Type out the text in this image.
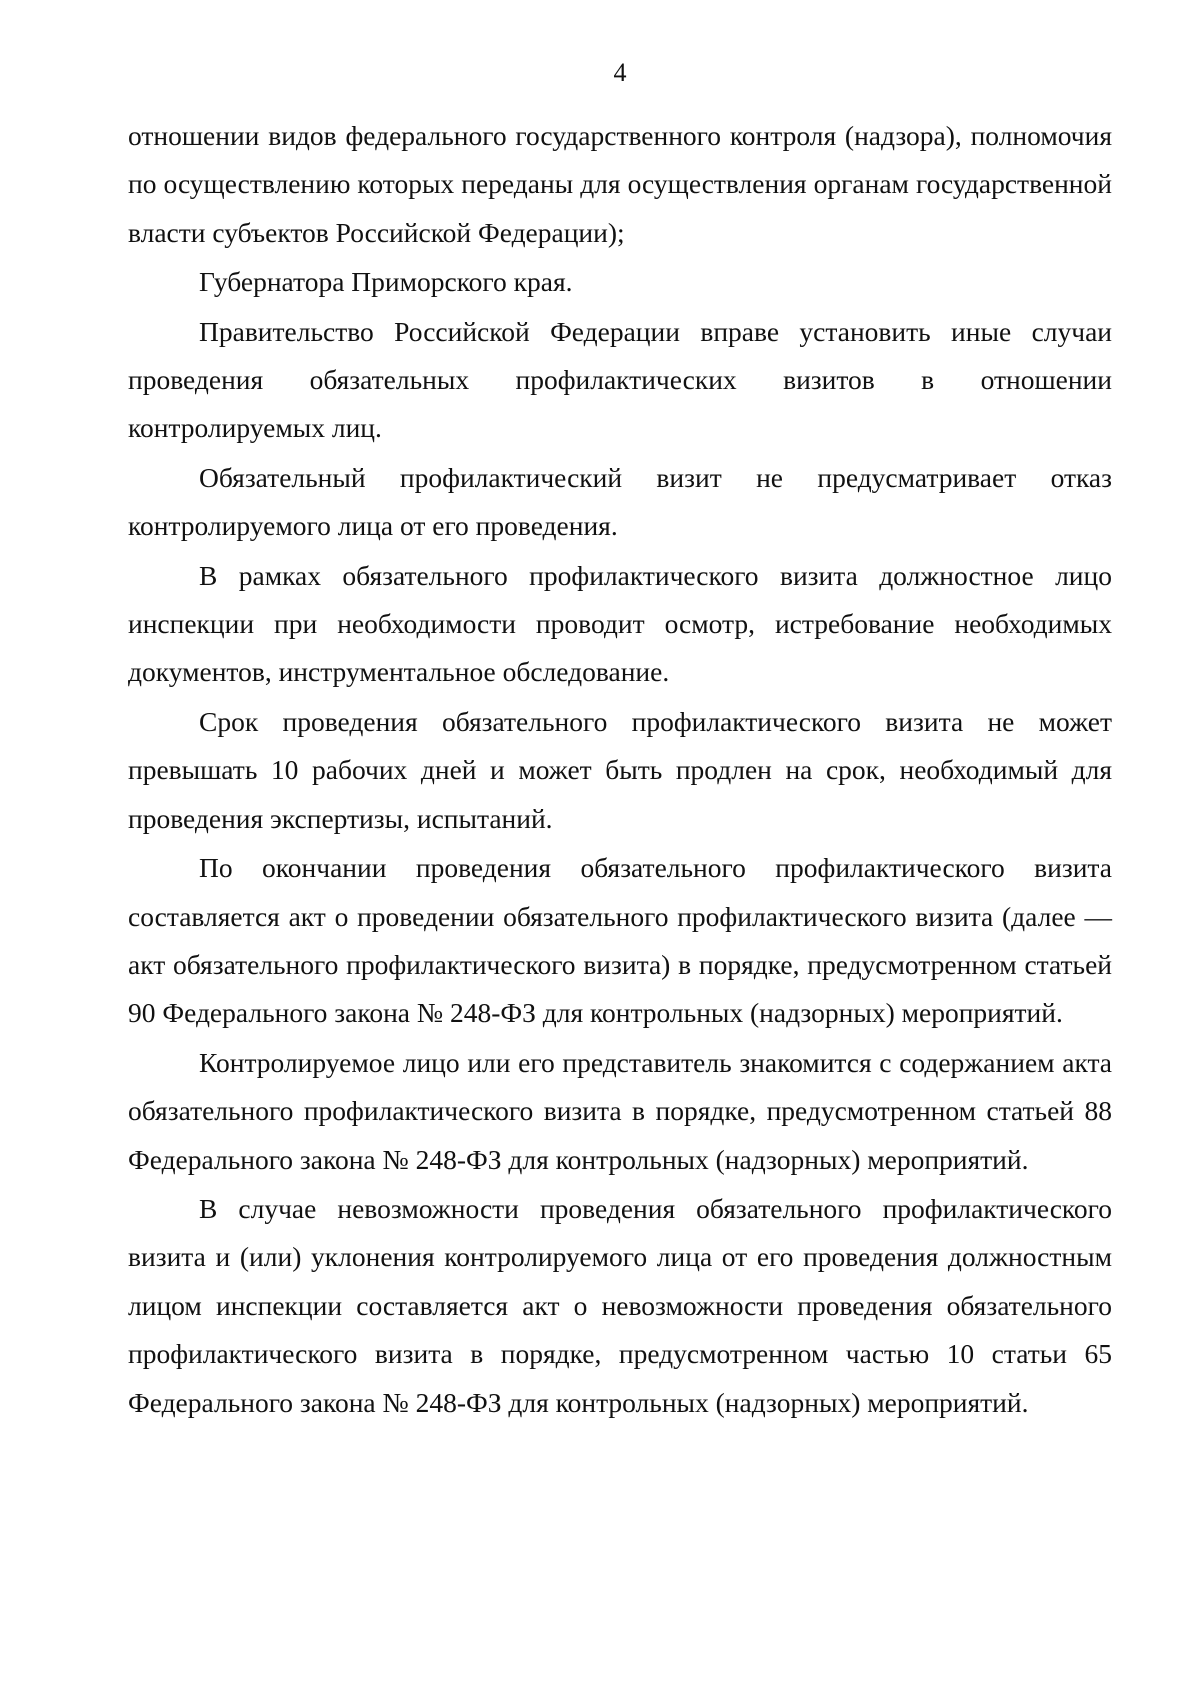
4

отношении видов федерального государственного контроля (надзора), полномочия по осуществлению которых переданы для осуществления органам государственной власти субъектов Российской Федерации);

Губернатора Приморского края.

Правительство Российской Федерации вправе установить иные случаи проведения обязательных профилактических визитов в отношении контролируемых лиц.

Обязательный профилактический визит не предусматривает отказ контролируемого лица от его проведения.

В рамках обязательного профилактического визита должностное лицо инспекции при необходимости проводит осмотр, истребование необходимых документов, инструментальное обследование.

Срок проведения обязательного профилактического визита не может превышать 10 рабочих дней и может быть продлен на срок, необходимый для проведения экспертизы, испытаний.

По окончании проведения обязательного профилактического визита составляется акт о проведении обязательного профилактического визита (далее — акт обязательного профилактического визита) в порядке, предусмотренном статьей 90 Федерального закона № 248-ФЗ для контрольных (надзорных) мероприятий.

Контролируемое лицо или его представитель знакомится с содержанием акта обязательного профилактического визита в порядке, предусмотренном статьей 88 Федерального закона № 248-ФЗ для контрольных (надзорных) мероприятий.

В случае невозможности проведения обязательного профилактического визита и (или) уклонения контролируемого лица от его проведения должностным лицом инспекции составляется акт о невозможности проведения обязательного профилактического визита в порядке, предусмотренном частью 10 статьи 65 Федерального закона № 248-ФЗ для контрольных (надзорных) мероприятий.
